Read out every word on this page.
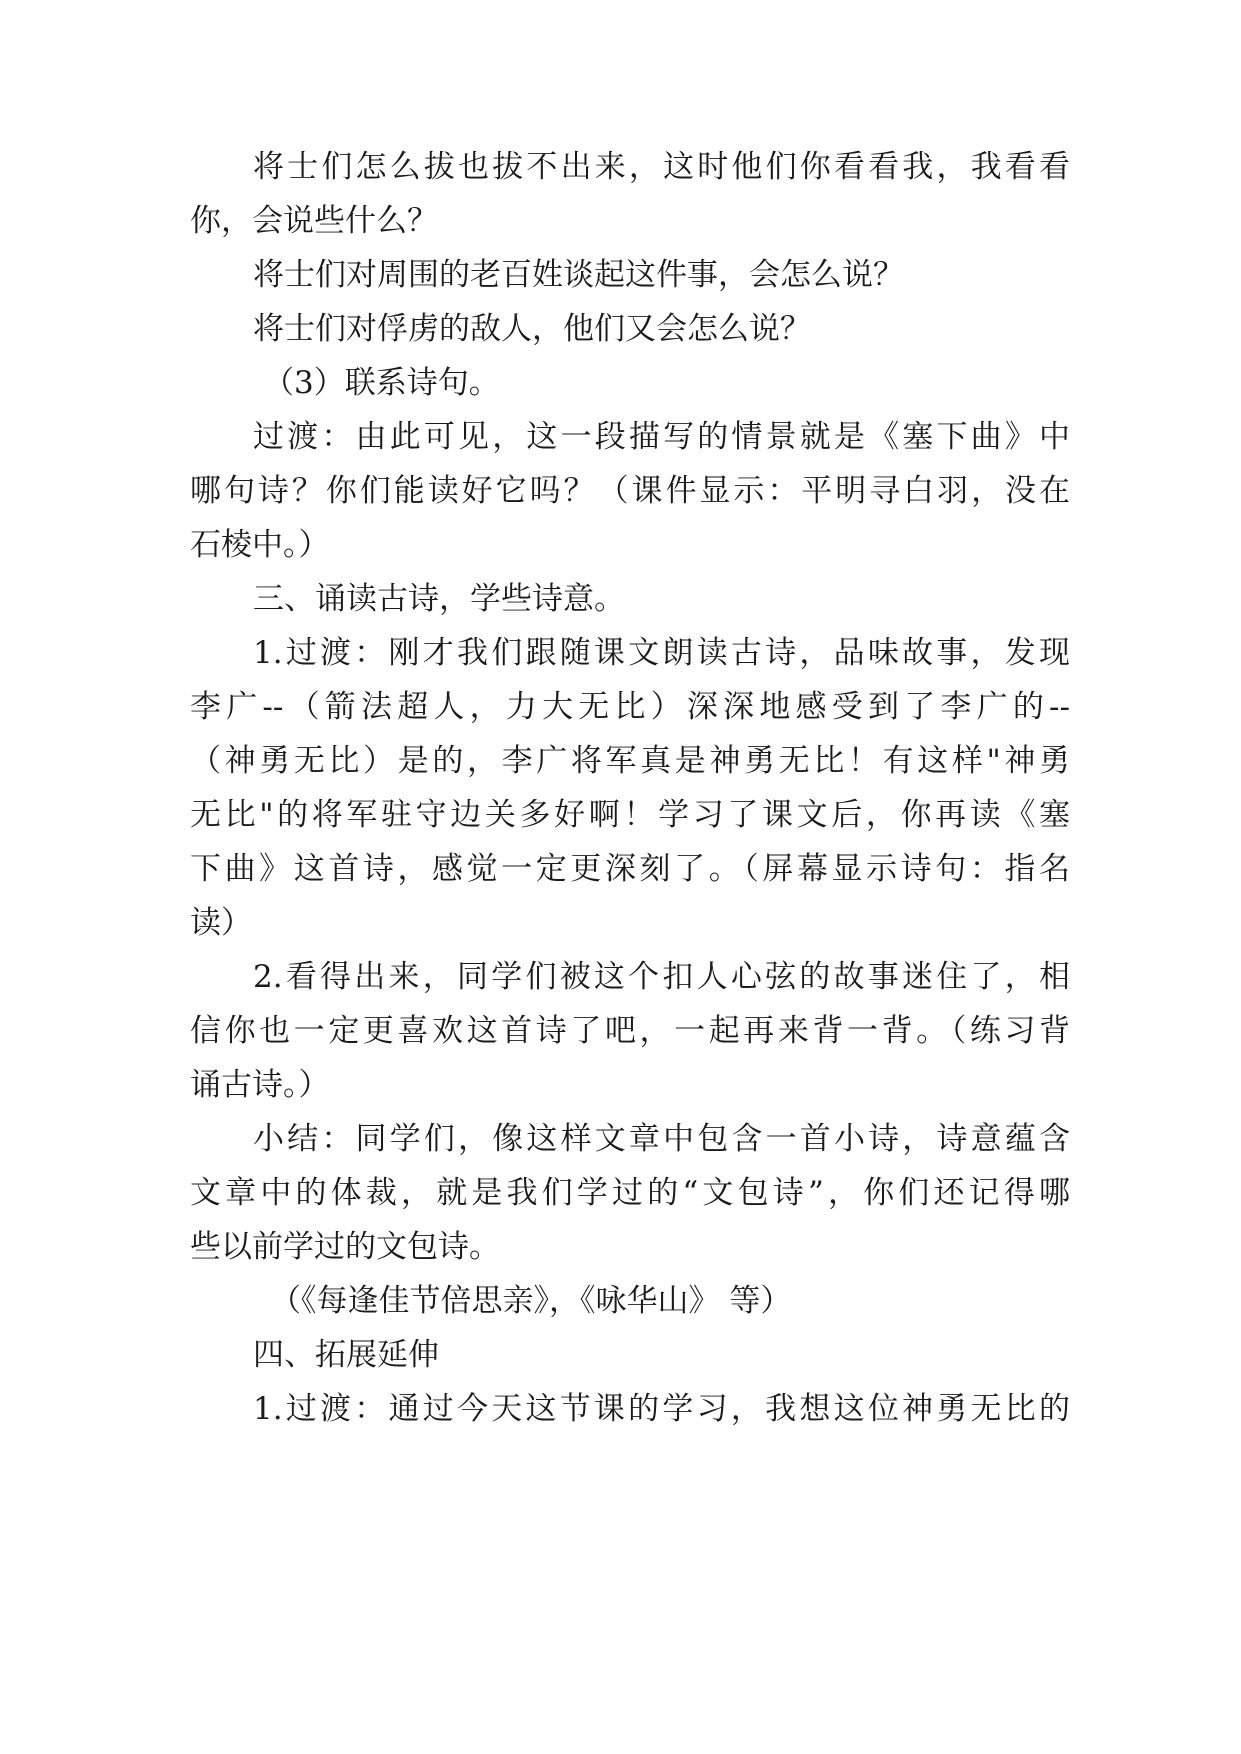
将士们怎么拔也拔不出来，这时他们你看看我，我看看
你，会说些什么？
将士们对周围的老百姓谈起这件事，会怎么说？
将士们对俘虏的敌人，他们又会怎么说？
（3）联系诗句。
过渡：由此可见，这一段描写的情景就是《塞下曲》中
哪句诗？你们能读好它吗？（课件显示：平明寻白羽，没在
石棱中。）
三、诵读古诗，学些诗意。
1.过渡：刚才我们跟随课文朗读古诗，品味故事，发现
李广--（箭法超人，力大无比）深深地感受到了李广的--
（神勇无比）是的，李广将军真是神勇无比！有这样"神勇
无比"的将军驻守边关多好啊！学习了课文后，你再读《塞
下曲》这首诗，感觉一定更深刻了。（屏幕显示诗句：指名
读）
2.看得出来，同学们被这个扣人心弦的故事迷住了，相
信你也一定更喜欢这首诗了吧，一起再来背一背。（练习背
诵古诗。）
小结：同学们，像这样文章中包含一首小诗，诗意蕴含
文章中的体裁，就是我们学过的“文包诗”，你们还记得哪
些以前学过的文包诗。
（《每逢佳节倍思亲》，《咏华山》 等）
四、拓展延伸
1.过渡：通过今天这节课的学习，我想这位神勇无比的
